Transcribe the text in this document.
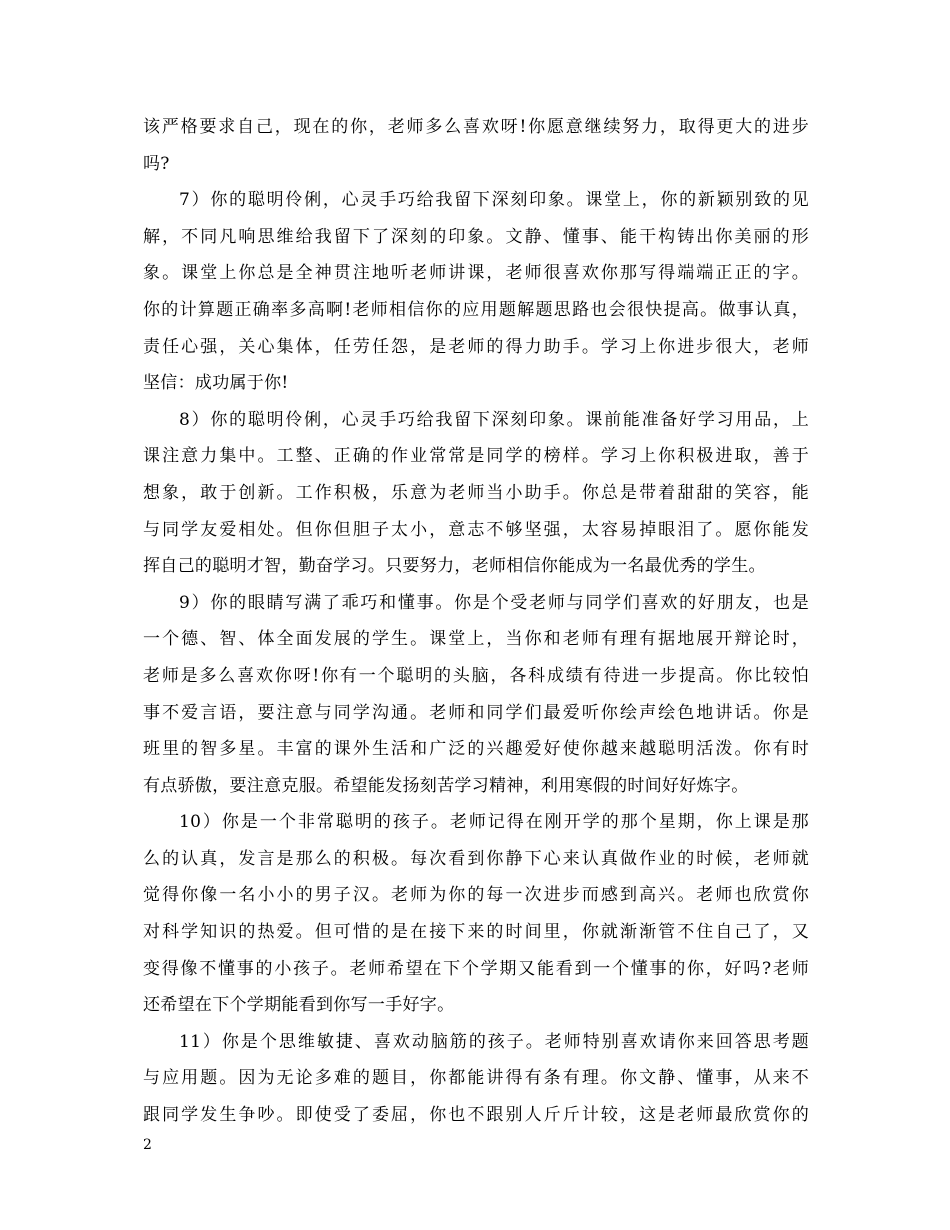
该严格要求自己，现在的你，老师多么喜欢呀!你愿意继续努力，取得更大的进步
吗?

7）你的聪明伶俐，心灵手巧给我留下深刻印象。课堂上，你的新颖别致的见
解，不同凡响思维给我留下了深刻的印象。文静、懂事、能干构铸出你美丽的形
象。课堂上你总是全神贯注地听老师讲课，老师很喜欢你那写得端端正正的字。
你的计算题正确率多高啊!老师相信你的应用题解题思路也会很快提高。做事认真，
责任心强，关心集体，任劳任怨，是老师的得力助手。学习上你进步很大，老师
坚信：成功属于你!

8）你的聪明伶俐，心灵手巧给我留下深刻印象。课前能准备好学习用品，上
课注意力集中。工整、正确的作业常常是同学的榜样。学习上你积极进取，善于
想象，敢于创新。工作积极，乐意为老师当小助手。你总是带着甜甜的笑容，能
与同学友爱相处。但你但胆子太小，意志不够坚强，太容易掉眼泪了。愿你能发
挥自己的聪明才智，勤奋学习。只要努力，老师相信你能成为一名最优秀的学生。

9）你的眼睛写满了乖巧和懂事。你是个受老师与同学们喜欢的好朋友，也是
一个德、智、体全面发展的学生。课堂上，当你和老师有理有据地展开辩论时，
老师是多么喜欢你呀!你有一个聪明的头脑，各科成绩有待进一步提高。你比较怕
事不爱言语，要注意与同学沟通。老师和同学们最爱听你绘声绘色地讲话。你是
班里的智多星。丰富的课外生活和广泛的兴趣爱好使你越来越聪明活泼。你有时
有点骄傲，要注意克服。希望能发扬刻苦学习精神，利用寒假的时间好好炼字。

10）你是一个非常聪明的孩子。老师记得在刚开学的那个星期，你上课是那
么的认真，发言是那么的积极。每次看到你静下心来认真做作业的时候，老师就
觉得你像一名小小的男子汉。老师为你的每一次进步而感到高兴。老师也欣赏你
对科学知识的热爱。但可惜的是在接下来的时间里，你就渐渐管不住自己了，又
变得像不懂事的小孩子。老师希望在下个学期又能看到一个懂事的你，好吗?老师
还希望在下个学期能看到你写一手好字。

11）你是个思维敏捷、喜欢动脑筋的孩子。老师特别喜欢请你来回答思考题
与应用题。因为无论多难的题目，你都能讲得有条有理。你文静、懂事，从来不
跟同学发生争吵。即使受了委屈，你也不跟别人斤斤计较，这是老师最欣赏你的

2
